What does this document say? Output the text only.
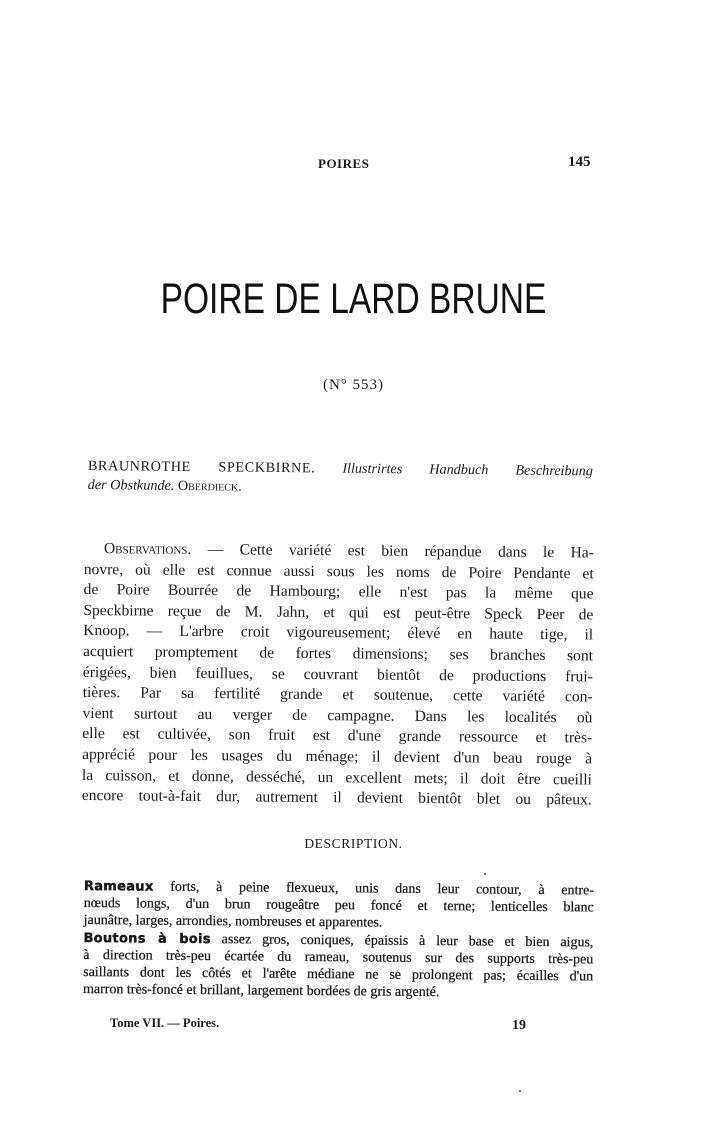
POIRES	145
POIRE DE LARD BRUNE
(N° 553)
BRAUNROTHE SPECKBIRNE. Illustrirtes Handbuch Beschreibung
der Obstkunde. Oberdieck.
Observations. — Cette variété est bien répandue dans le Ha-
novre, où elle est connue aussi sous les noms de Poire Pendante et
de Poire Bourrée de Hambourg; elle n'est pas la même que
Speckbirne reçue de M. Jahn, et qui est peut-être Speck Peer de
Knoop. — L'arbre croit vigoureusement; élevé en haute tige, il
acquiert promptement de fortes dimensions; ses branches sont
érigées, bien feuillues, se couvrant bientôt de productions frui-
tières. Par sa fertilité grande et soutenue, cette variété con-
vient surtout au verger de campagne. Dans les localités où
elle est cultivée, son fruit est d'une grande ressource et très-
apprécié pour les usages du ménage; il devient d'un beau rouge à
la cuisson, et donne, desséché, un excellent mets; il doit être cueilli
encore tout-à-fait dur, autrement il devient bientôt blet ou pâteux.
DESCRIPTION.
Rameaux forts, à peine flexueux, unis dans leur contour, à entre-
nœuds longs, d'un brun rougeâtre peu foncé et terne; lenticelles blanc
jaunâtre, larges, arrondies, nombreuses et apparentes.
Boutons à bois assez gros, coniques, épaissis à leur base et bien aigus,
à direction très-peu écartée du rameau, soutenus sur des supports très-peu
saillants dont les côtés et l'arête médiane ne se prolongent pas; écailles d'un
marron très-foncé et brillant, largement bordées de gris argenté.
Tome VII. — Poires.	19
